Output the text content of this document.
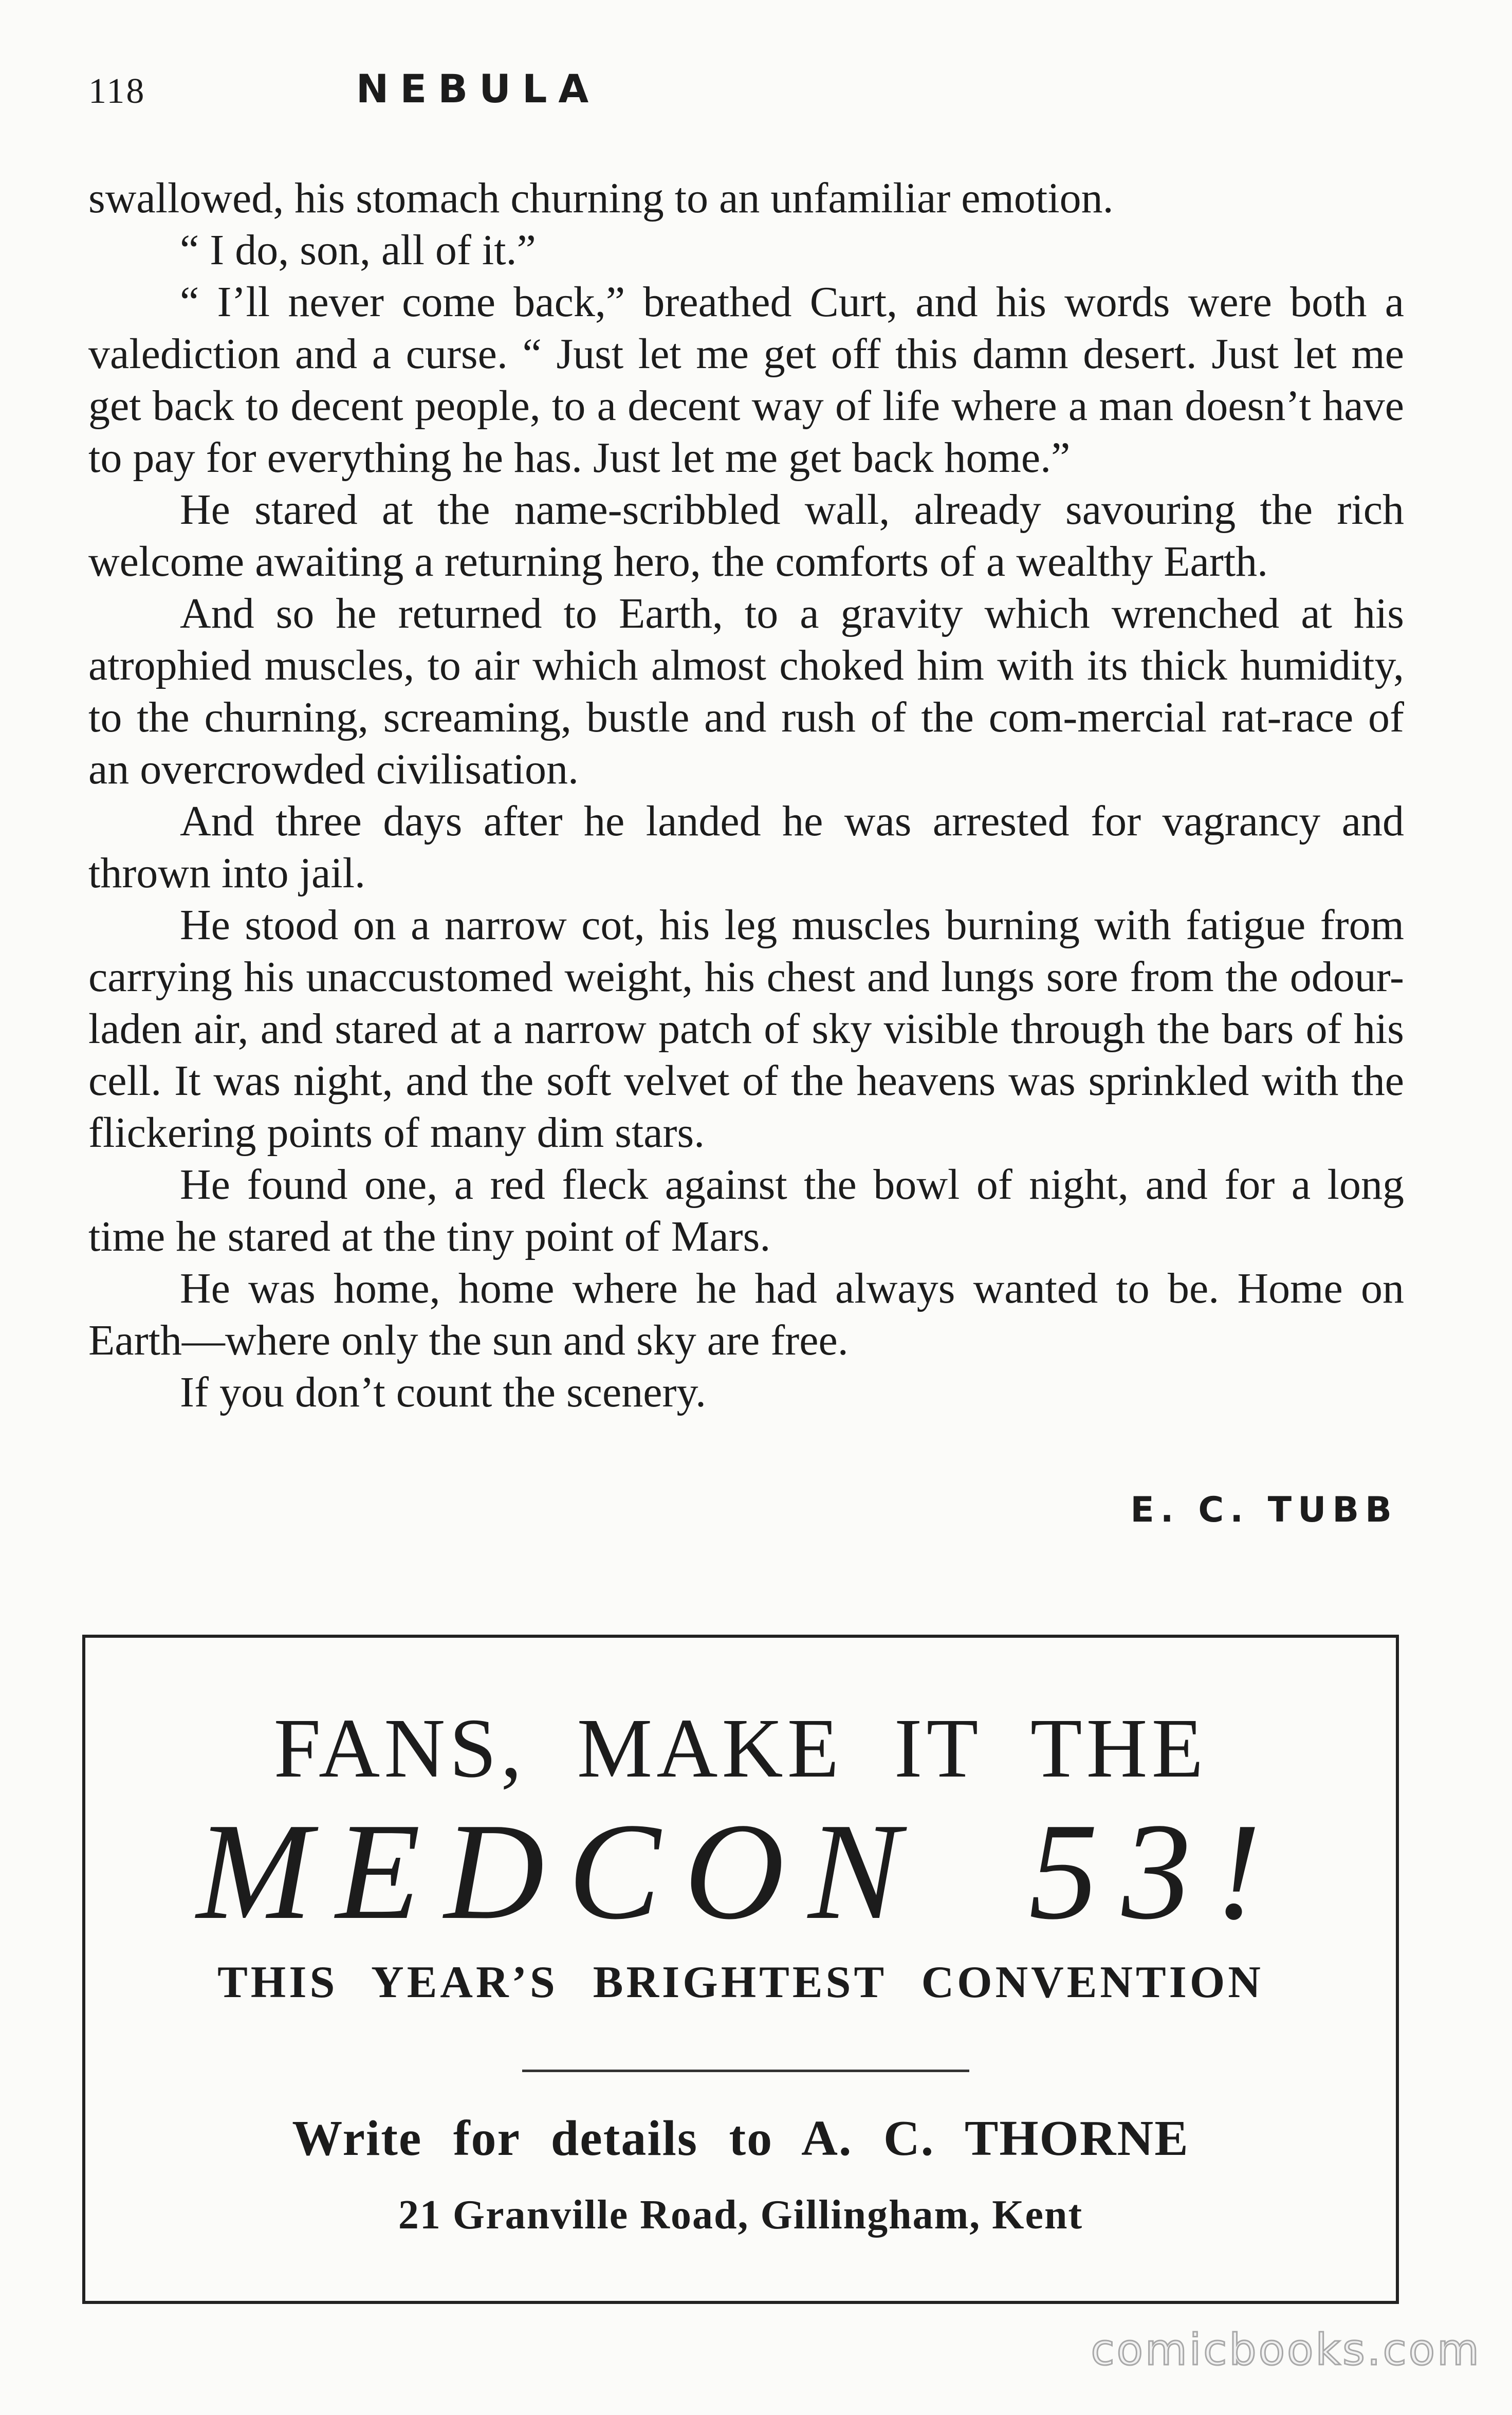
118	NEBULA

swallowed, his stomach churning to an unfamiliar emotion.

“ I do, son, all of it.”

“ I’ll never come back,” breathed Curt, and his words were both a valediction and a curse. “ Just let me get off this damn desert. Just let me get back to decent people, to a decent way of life where a man doesn’t have to pay for everything he has. Just let me get back home.”

He stared at the name-scribbled wall, already savouring the rich welcome awaiting a returning hero, the comforts of a wealthy Earth.

And so he returned to Earth, to a gravity which wrenched at his atrophied muscles, to air which almost choked him with its thick humidity, to the churning, screaming, bustle and rush of the com-mercial rat-race of an overcrowded civilisation.

And three days after he landed he was arrested for vagrancy and thrown into jail.

He stood on a narrow cot, his leg muscles burning with fatigue from carrying his unaccustomed weight, his chest and lungs sore from the odour-laden air, and stared at a narrow patch of sky visible through the bars of his cell. It was night, and the soft velvet of the heavens was sprinkled with the flickering points of many dim stars.

He found one, a red fleck against the bowl of night, and for a long time he stared at the tiny point of Mars.

He was home, home where he had always wanted to be. Home on Earth—where only the sun and sky are free.

If you don’t count the scenery.

E. C. TUBB
FANS, MAKE IT THE
MEDCON 53!
THIS YEAR’S BRIGHTEST CONVENTION
Write for details to A. C. THORNE
21 Granville Road, Gillingham, Kent
comicbooks.com
